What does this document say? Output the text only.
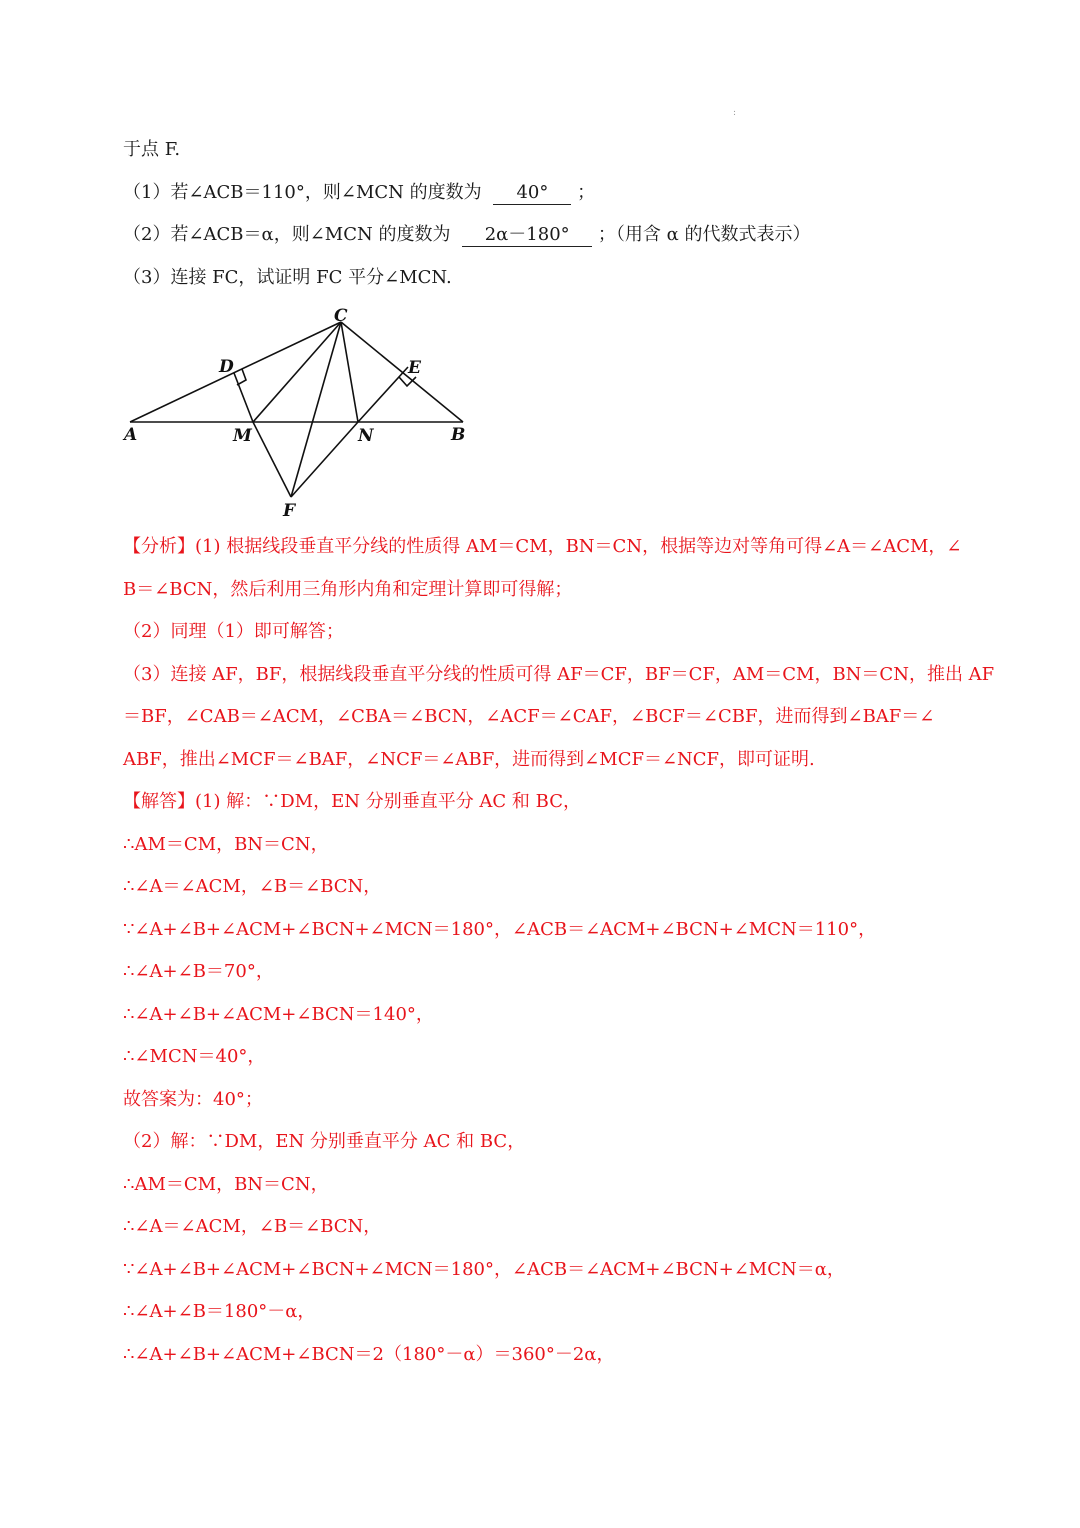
:
于点 F.
（1）若∠ACB＝110°，则∠MCN 的度数为 40° ；
（2）若∠ACB＝α，则∠MCN 的度数为 2α－180° ；（用含 α 的代数式表示）
（3）连接 FC，试证明 FC 平分∠MCN.
C
D	E
A	M	N	B
F
【分析】(1) 根据线段垂直平分线的性质得 AM＝CM，BN＝CN，根据等边对等角可得∠A＝∠ACM，∠
B＝∠BCN，然后利用三角形内角和定理计算即可得解；
（2）同理（1）即可解答；
（3）连接 AF，BF，根据线段垂直平分线的性质可得 AF＝CF，BF＝CF，AM＝CM，BN＝CN，推出 AF
＝BF，∠CAB＝∠ACM，∠CBA＝∠BCN，∠ACF＝∠CAF，∠BCF＝∠CBF，进而得到∠BAF＝∠
ABF，推出∠MCF＝∠BAF，∠NCF＝∠ABF，进而得到∠MCF＝∠NCF，即可证明.
【解答】(1) 解：∵DM，EN 分别垂直平分 AC 和 BC，
∴AM＝CM，BN＝CN，
∴∠A＝∠ACM，∠B＝∠BCN，
∵∠A+∠B+∠ACM+∠BCN+∠MCN＝180°，∠ACB＝∠ACM+∠BCN+∠MCN＝110°，
∴∠A+∠B＝70°，
∴∠A+∠B+∠ACM+∠BCN＝140°，
∴∠MCN＝40°，
故答案为：40°；
（2）解：∵DM，EN 分别垂直平分 AC 和 BC，
∴AM＝CM，BN＝CN，
∴∠A＝∠ACM，∠B＝∠BCN，
∵∠A+∠B+∠ACM+∠BCN+∠MCN＝180°，∠ACB＝∠ACM+∠BCN+∠MCN＝α，
∴∠A+∠B＝180°－α，
∴∠A+∠B+∠ACM+∠BCN＝2（180°－α）＝360°－2α，
